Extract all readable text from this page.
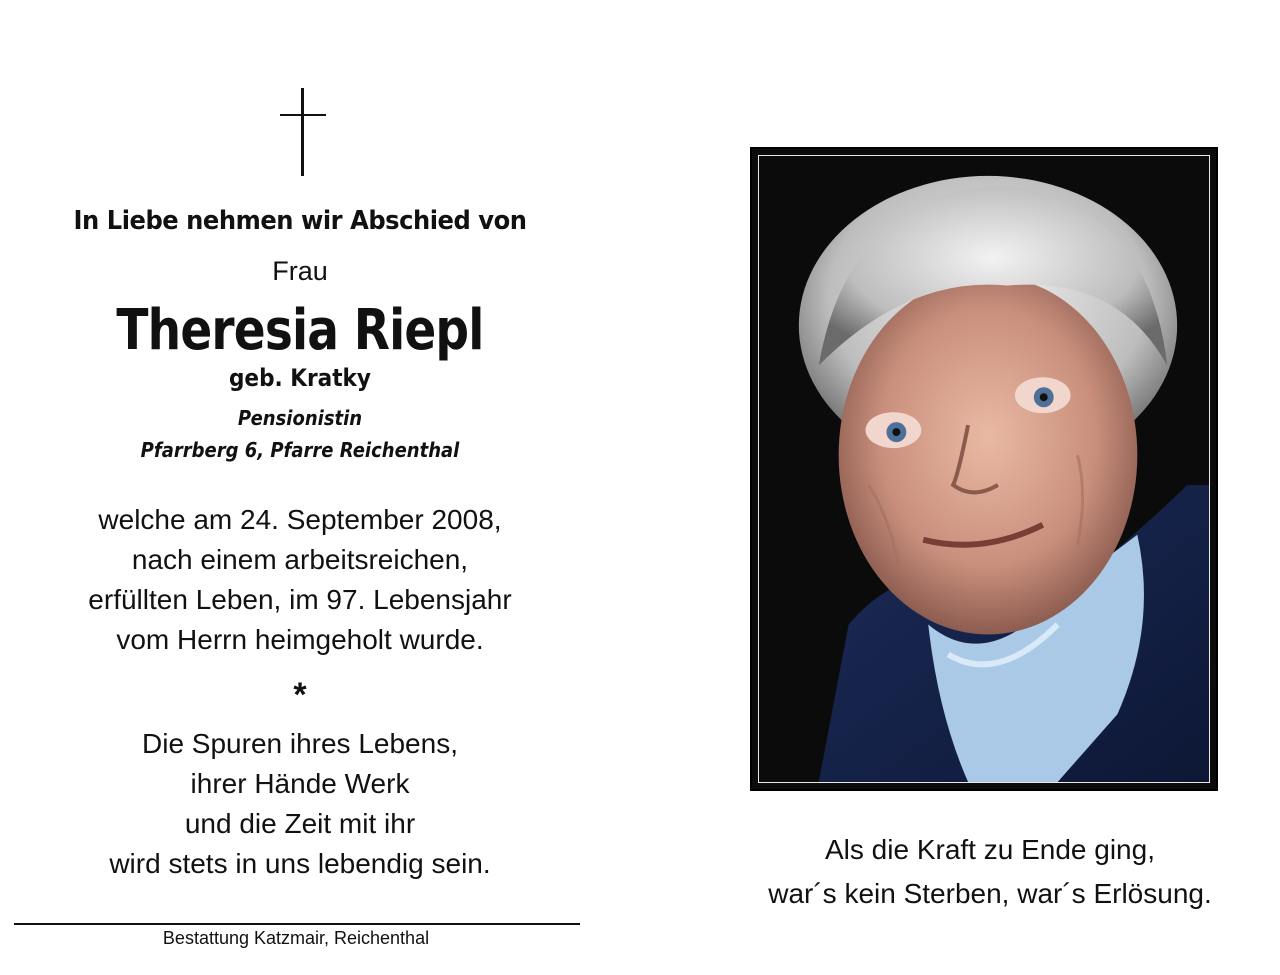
In Liebe nehmen wir Abschied von
Frau
Theresia Riepl
geb. Kratky
Pensionistin
Pfarrberg 6, Pfarre Reichenthal
welche am 24. September 2008,
nach einem arbeitsreichen,
erfüllten Leben, im 97. Lebensjahr
vom Herrn heimgeholt wurde.
*
Die Spuren ihres Lebens,
ihrer Hände Werk
und die Zeit mit ihr
wird stets in uns lebendig sein.
Bestattung Katzmair, Reichenthal
Als die Kraft zu Ende ging,
war´s kein Sterben, war´s Erlösung.
